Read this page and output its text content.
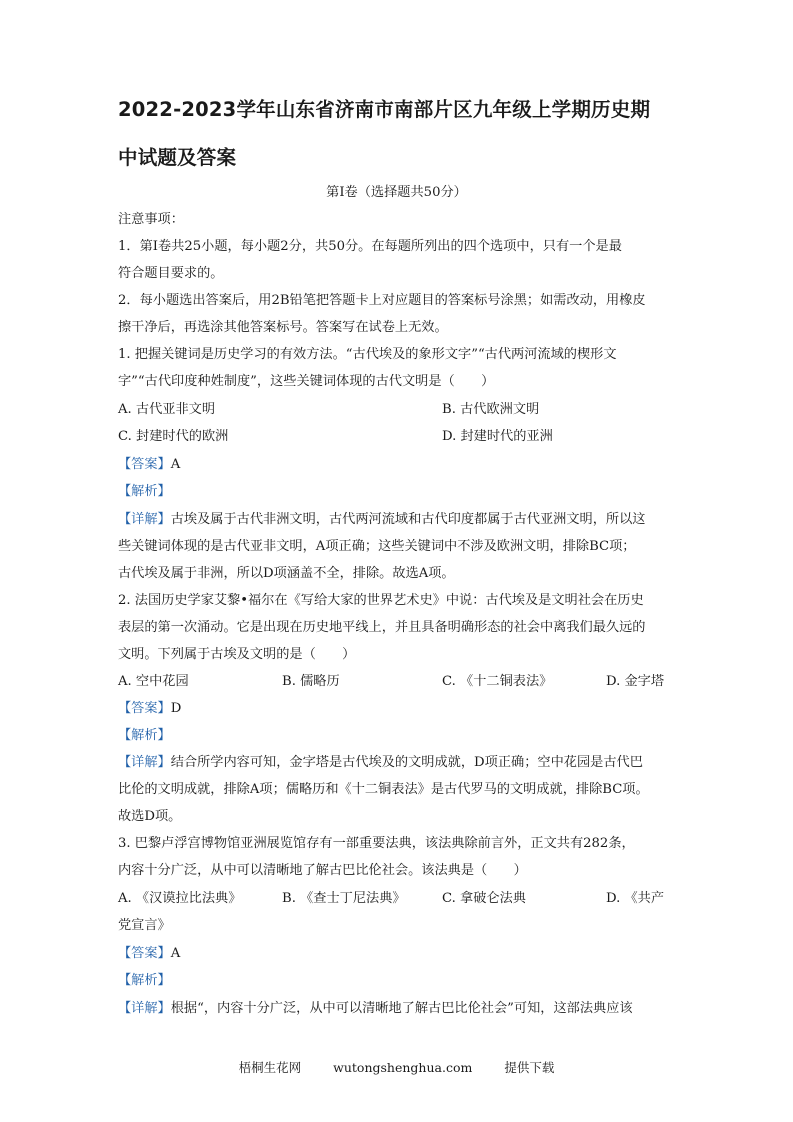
2022-2023学年山东省济南市南部片区九年级上学期历史期
中试题及答案
第Ⅰ卷（选择题共50分）
注意事项：
1．第Ⅰ卷共25小题，每小题2分，共50分。在每题所列出的四个选项中，只有一个是最
符合题目要求的。
2．每小题选出答案后，用2B铅笔把答题卡上对应题目的答案标号涂黑；如需改动，用橡皮
擦干净后，再选涂其他答案标号。答案写在试卷上无效。
1. 把握关键词是历史学习的有效方法。“古代埃及的象形文字”“古代两河流域的楔形文
字”“古代印度种姓制度”，这些关键词体现的古代文明是（　　）
A. 古代亚非文明	B. 古代欧洲文明
C. 封建时代的欧洲	D. 封建时代的亚洲
【答案】A
【解析】
【详解】古埃及属于古代非洲文明，古代两河流域和古代印度都属于古代亚洲文明，所以这
些关键词体现的是古代亚非文明，A项正确；这些关键词中不涉及欧洲文明，排除BC项；
古代埃及属于非洲，所以D项涵盖不全，排除。故选A项。
2. 法国历史学家艾黎•福尔在《写给大家的世界艺术史》中说：古代埃及是文明社会在历史
表层的第一次涌动。它是出现在历史地平线上，并且具备明确形态的社会中离我们最久远的
文明。下列属于古埃及文明的是（　　）
A. 空中花园	B. 儒略历	C. 《十二铜表法》	D. 金字塔
【答案】D
【解析】
【详解】结合所学内容可知，金字塔是古代埃及的文明成就，D项正确；空中花园是古代巴
比伦的文明成就，排除A项；儒略历和《十二铜表法》是古代罗马的文明成就，排除BC项。
故选D项。
3. 巴黎卢浮宫博物馆亚洲展览馆存有一部重要法典，该法典除前言外，正文共有282条，
内容十分广泛，从中可以清晰地了解古巴比伦社会。该法典是（　　）
A. 《汉谟拉比法典》	B. 《查士丁尼法典》	C. 拿破仑法典	D. 《共产
党宣言》
【答案】A
【解析】
【详解】根据“，内容十分广泛，从中可以清晰地了解古巴比伦社会”可知，这部法典应该
梧桐生花网	wutongshenghua.com	提供下载
